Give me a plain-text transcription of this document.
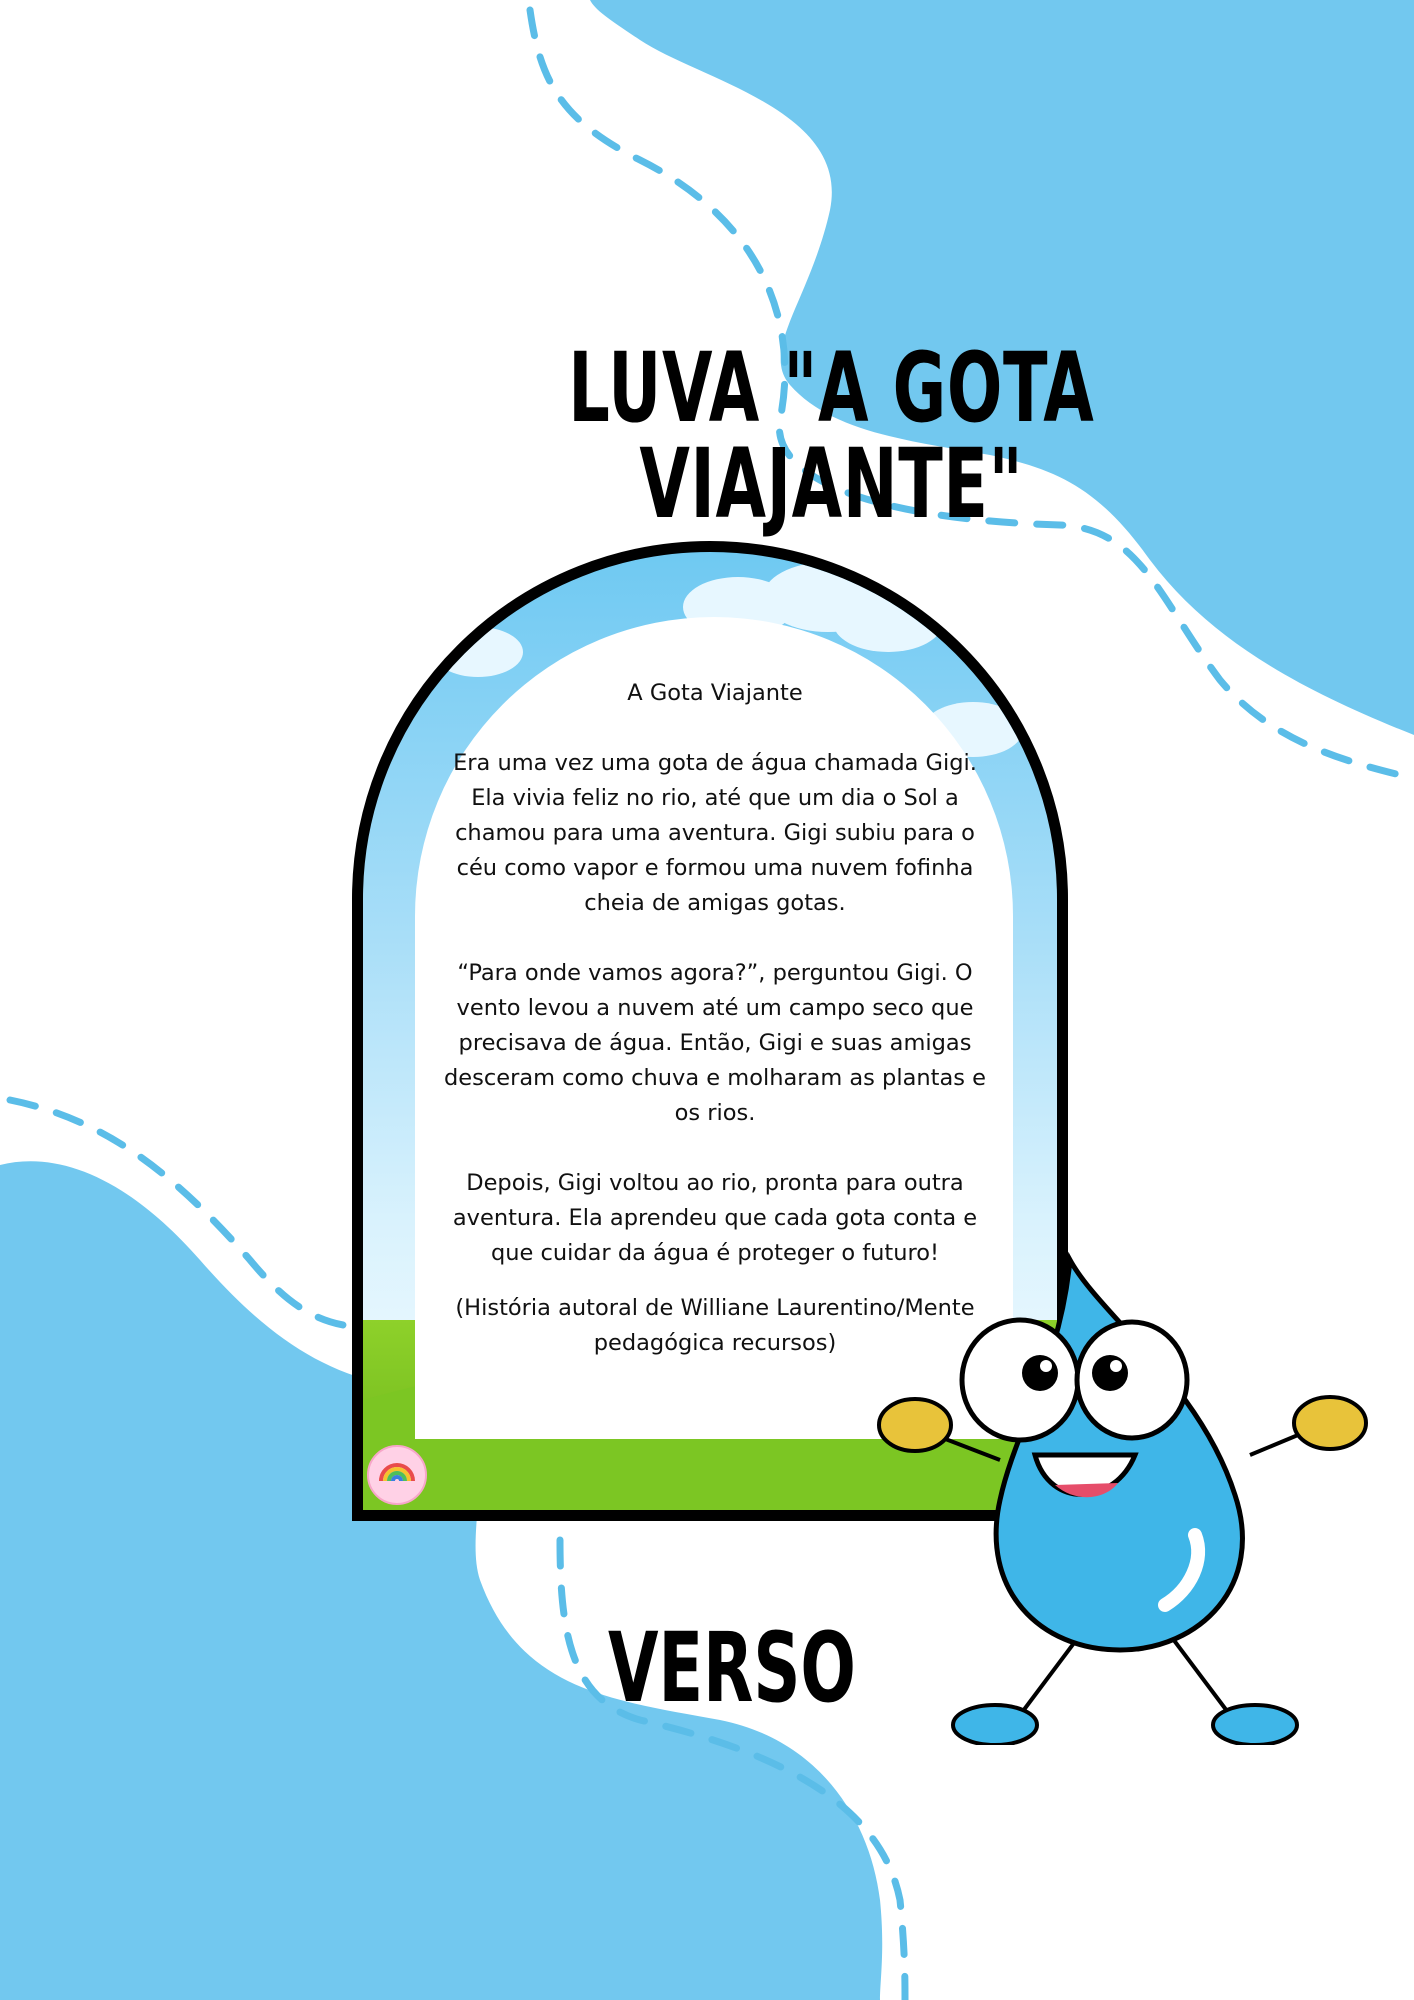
LUVA "A GOTA VIAJANTE"

A Gota Viajante

Era uma vez uma gota de água chamada Gigi. Ela vivia feliz no rio, até que um dia o Sol a chamou para uma aventura. Gigi subiu para o céu como vapor e formou uma nuvem fofinha cheia de amigas gotas.

“Para onde vamos agora?”, perguntou Gigi. O vento levou a nuvem até um campo seco que precisava de água. Então, Gigi e suas amigas desceram como chuva e molharam as plantas e os rios.

Depois, Gigi voltou ao rio, pronta para outra aventura. Ela aprendeu que cada gota conta e que cuidar da água é proteger o futuro!

(História autoral de Williane Laurentino/Mente pedagógica recursos)

VERSO
